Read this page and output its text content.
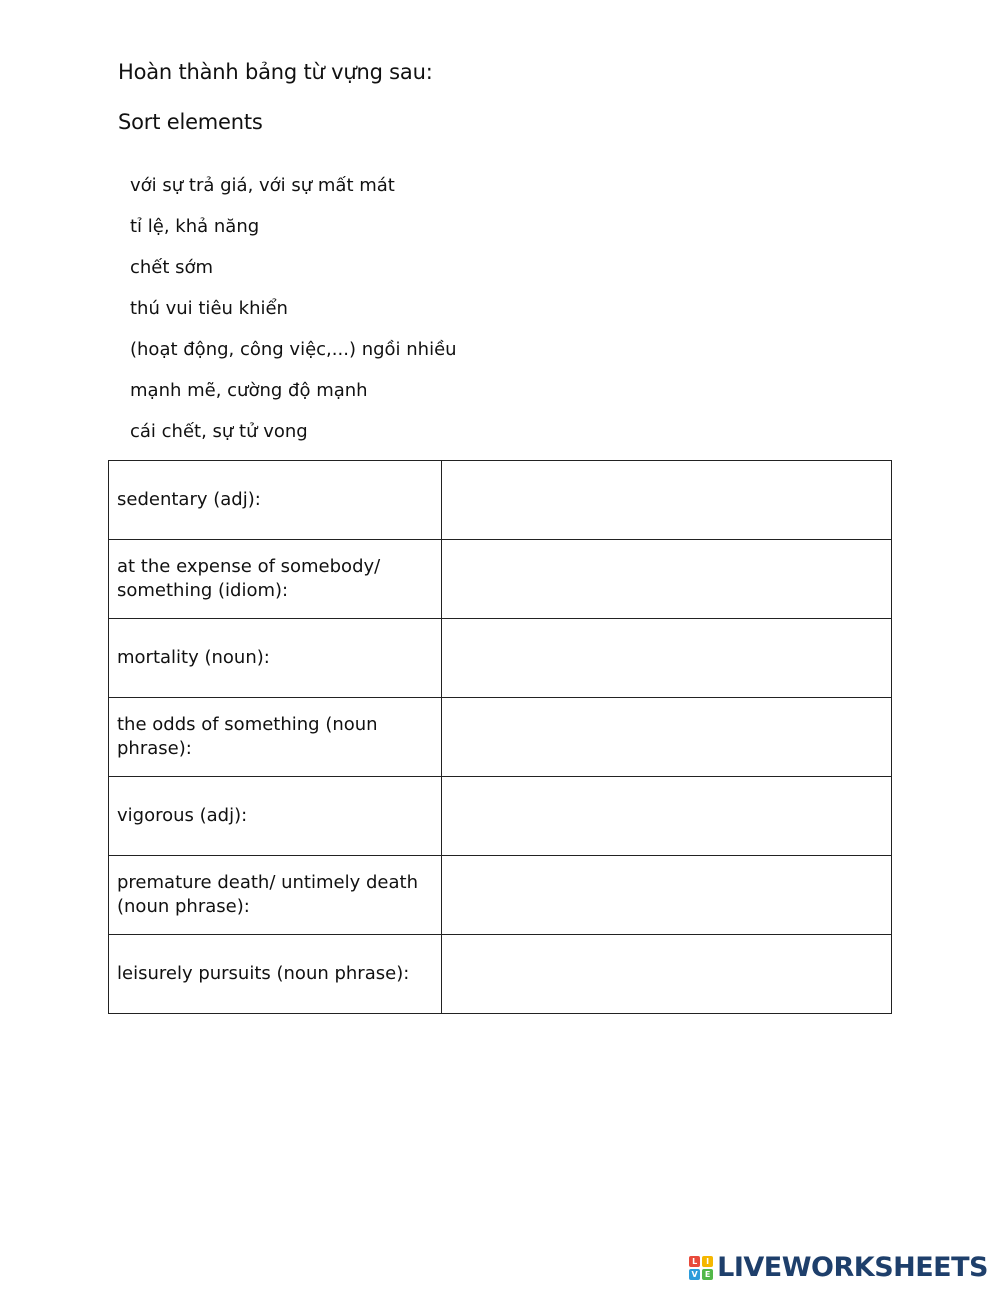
Hoàn thành bảng từ vựng sau:
Sort elements
với sự trả giá, với sự mất mát
tỉ lệ, khả năng
chết sớm
thú vui tiêu khiển
(hoạt động, công việc,...) ngồi nhiều
mạnh mẽ, cường độ mạnh
cái chết, sự tử vong
sedentary (adj):	
at the expense of somebody/ something (idiom):	
mortality (noun):	
the odds of something (noun phrase):	
vigorous (adj):	
premature death/ untimely death (noun phrase):	
leisurely pursuits (noun phrase):	
L	I
V E LIVEWORKSHEETS
